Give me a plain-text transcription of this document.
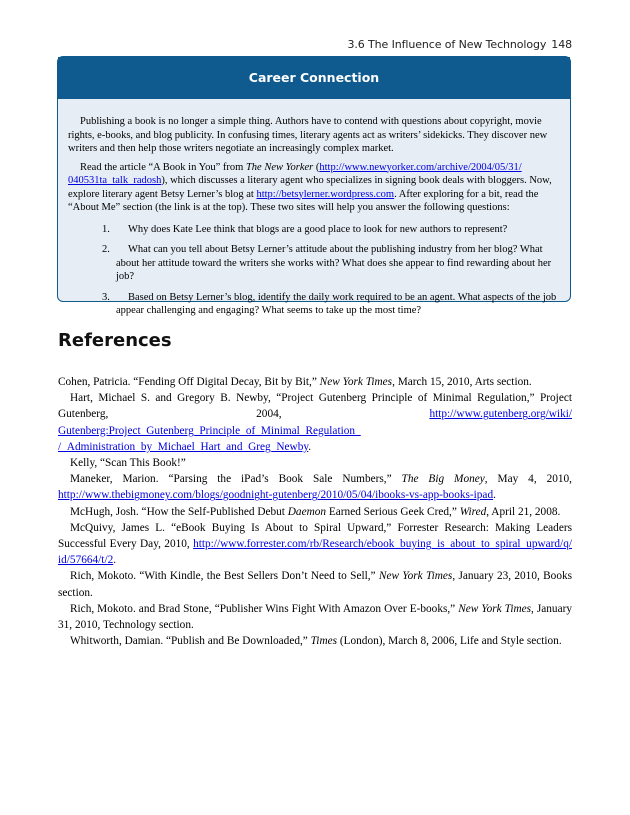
3.6 The Influence of New Technology 148
Career Connection

Publishing a book is no longer a simple thing. Authors have to contend with questions about copyright, movie rights, e-books, and blog publicity. In confusing times, literary agents act as writers’ sidekicks. They discover new writers and then help those writers negotiate an increasingly complex market.

Read the article “A Book in You” from The New Yorker (http://www.newyorker.com/archive/2004/05/31/ 040531ta_talk_radosh), which discusses a literary agent who specializes in signing book deals with bloggers. Now, explore literary agent Betsy Lerner’s blog at http://betsylerner.wordpress.com. After exploring for a bit, read the “About Me” section (the link is at the top). These two sites will help you answer the following questions:

1.	Why does Kate Lee think that blogs are a good place to look for new authors to represent?
2.	What can you tell about Betsy Lerner’s attitude about the publishing industry from her blog? What about her attitude toward the writers she works with? What does she appear to find rewarding about her job?
3.	Based on Betsy Lerner’s blog, identify the daily work required to be an agent. What aspects of the job appear challenging and engaging? What seems to take up the most time?
References

Cohen, Patricia. “Fending Off Digital Decay, Bit by Bit,” New York Times, March 15, 2010, Arts section.

Hart, Michael S. and Gregory B. Newby, “Project Gutenberg Principle of Minimal Regulation,” Project Gutenberg, 2004, http://www.gutenberg.org/wiki/ Gutenberg:Project_Gutenberg_Principle_of_Minimal_Regulation_ /_Administration_by_Michael_Hart_and_Greg_Newby.

Kelly, “Scan This Book!”

Maneker, Marion. “Parsing the iPad’s Book Sale Numbers,” The Big Money, May 4, 2010, http://www.thebigmoney.com/blogs/goodnight-gutenberg/2010/05/04/ibooks-vs-app-books-ipad.

McHugh, Josh. “How the Self-Published Debut Daemon Earned Serious Geek Cred,” Wired, April 21, 2008.

McQuivy, James L. “eBook Buying Is About to Spiral Upward,” Forrester Research: Making Leaders Successful Every Day, 2010, http://www.forrester.com/rb/Research/ebook_buying_is_about_to_spiral_upward/q/ id/57664/t/2.

Rich, Mokoto. “With Kindle, the Best Sellers Don’t Need to Sell,” New York Times, January 23, 2010, Books section.

Rich, Mokoto. and Brad Stone, “Publisher Wins Fight With Amazon Over E-books,” New York Times, January 31, 2010, Technology section.

Whitworth, Damian. “Publish and Be Downloaded,” Times (London), March 8, 2006, Life and Style section.
